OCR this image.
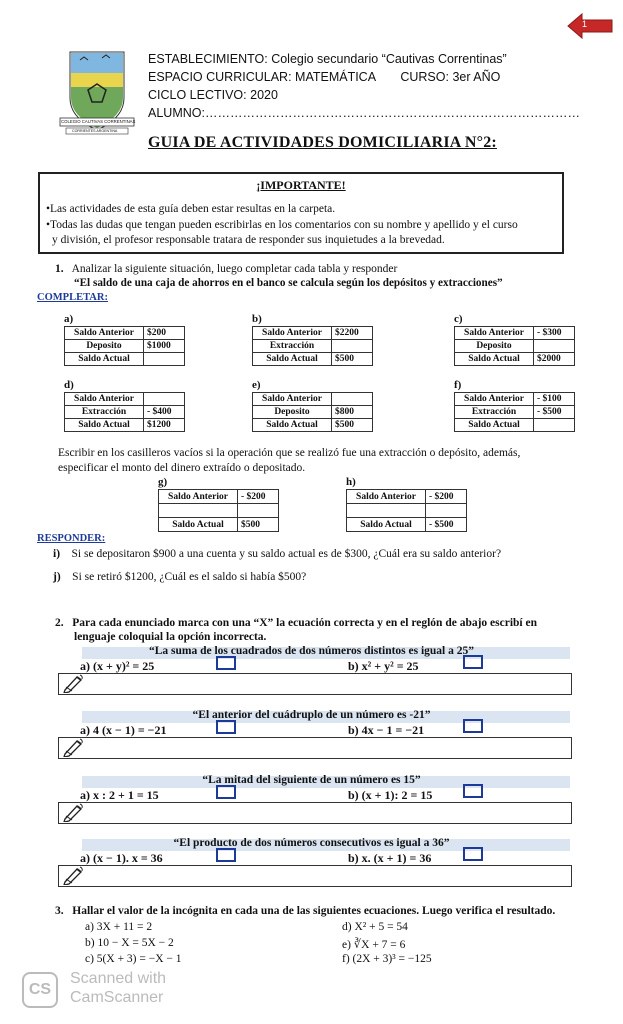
1
COLEGIO CAUTIVAS CORRENTINAS
CORRIENTES ARGENTINA
ESTABLECIMIENTO: Colegio secundario “Cautivas Correntinas”
ESPACIO CURRICULAR: MATEMÁTICA CURSO: 3er AÑO
CICLO LECTIVO: 2020
ALUMNO:………………………………………………………………………………
GUIA DE ACTIVIDADES DOMICILIARIA N°2:
¡IMPORTANTE!
•Las actividades de esta guía deben estar resultas en la carpeta.
•Todas las dudas que tengan pueden escribirlas en los comentarios con su nombre y apellido y el curso
y división, el profesor responsable tratara de responder sus inquietudes a la brevedad.
1. Analizar la siguiente situación, luego completar cada tabla y responder
“El saldo de una caja de ahorros en el banco se calcula según los depósitos y extracciones”
COMPLETAR:
a)
Saldo Anterior	$200
Deposito	$1000
Saldo Actual	
b)
Saldo Anterior	$2200
Extracción	
Saldo Actual	$500
c)
Saldo Anterior	- $300
Deposito	
Saldo Actual	$2000
d)
Saldo Anterior	
Extracción	- $400
Saldo Actual	$1200
e)
Saldo Anterior	
Deposito	$800
Saldo Actual	$500
f)
Saldo Anterior	- $100
Extracción	- $500
Saldo Actual	
g)
Saldo Anterior	- $200

Saldo Actual	$500
h)
Saldo Anterior	- $200

Saldo Actual	- $500
Escribir en los casilleros vacíos si la operación que se realizó fue una extracción o depósito, además,
especificar el monto del dinero extraído o depositado.
RESPONDER:
i) Si se depositaron $900 a una cuenta y su saldo actual es de $300, ¿Cuál era su saldo anterior?
j) Si se retiró $1200, ¿Cuál es el saldo si había $500?
2. Para cada enunciado marca con una “X” la ecuación correcta y en el reglón de abajo escribí en
lenguaje coloquial la opción incorrecta.
“La suma de los cuadrados de dos números distintos es igual a 25”
a) (x + y)² = 25	b) x² + y² = 25
“El anterior del cuádruplo de un número es -21”
a) 4 (x − 1) = −21	b) 4x − 1 = −21
“La mitad del siguiente de un número es 15”
a) x : 2 + 1 = 15	b) (x + 1): 2 = 15
“El producto de dos números consecutivos es igual a 36”
a) (x − 1). x = 36	b) x. (x + 1) = 36
3. Hallar el valor de la incógnita en cada una de las siguientes ecuaciones. Luego verifica el resultado.
a) 3X + 11 = 2
b) 10 − X = 5X − 2
c) 5(X + 3) = −X − 1
d) X² + 5 = 54
e) ∛X + 7 = 6
f) (2X + 3)³ = −125
CS
Scanned with
CamScanner
